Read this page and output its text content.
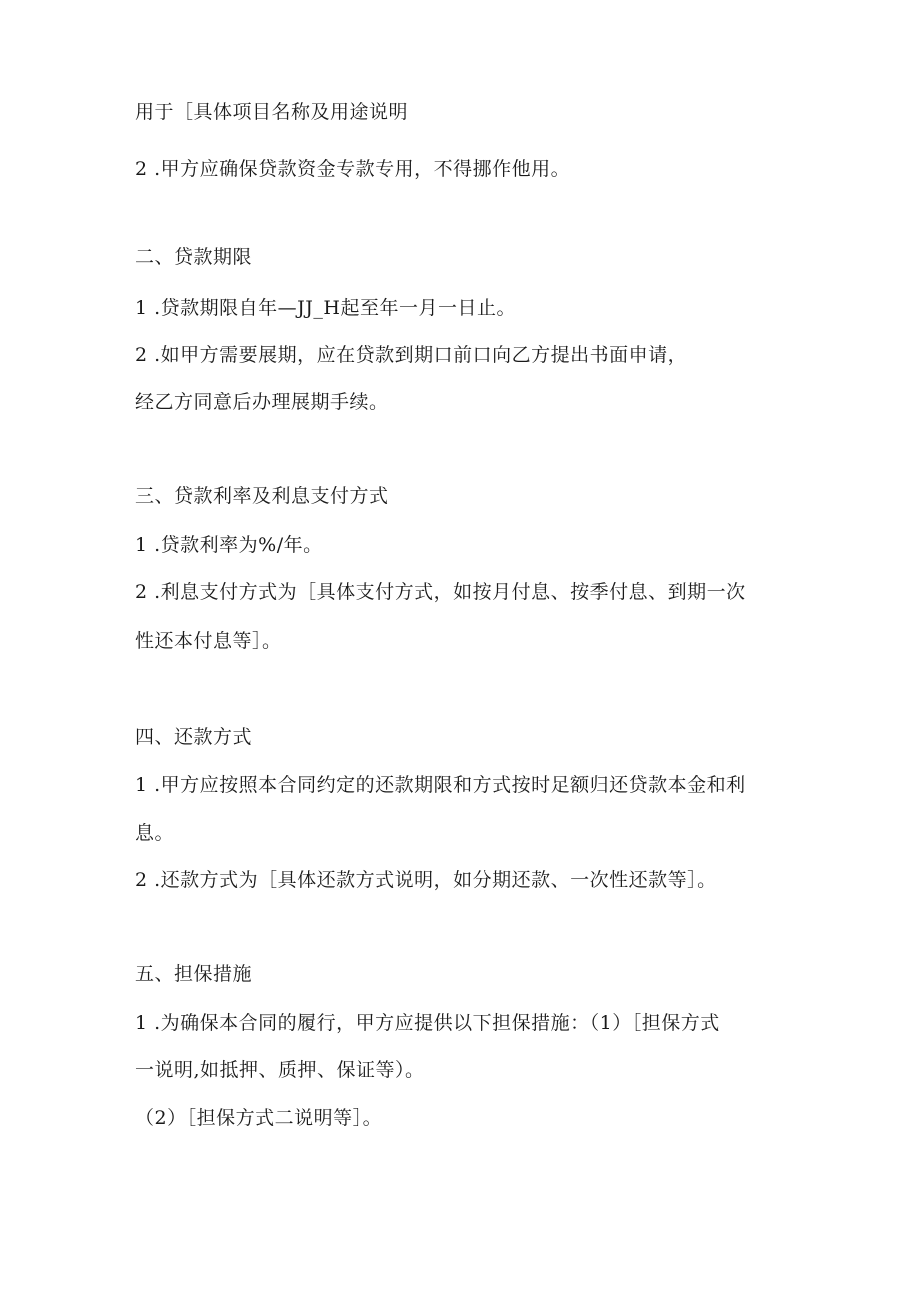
用于［具体项目名称及用途说明
2 .甲方应确保贷款资金专款专用，不得挪作他用。
二、贷款期限
1 .贷款期限自年—JJ_H起至年一月一日止。
2 .如甲方需要展期，应在贷款到期口前口向乙方提出书面申请，
经乙方同意后办理展期手续。
三、贷款利率及利息支付方式
1 .贷款利率为%/年。
2 .利息支付方式为［具体支付方式，如按月付息、按季付息、到期一次
性还本付息等］。
四、还款方式
1 .甲方应按照本合同约定的还款期限和方式按时足额归还贷款本金和利
息。
2 .还款方式为［具体还款方式说明，如分期还款、一次性还款等］。
五、担保措施
1 .为确保本合同的履行，甲方应提供以下担保措施：（1）［担保方式
一说明,如抵押、质押、保证等）。
（2）［担保方式二说明等］。
